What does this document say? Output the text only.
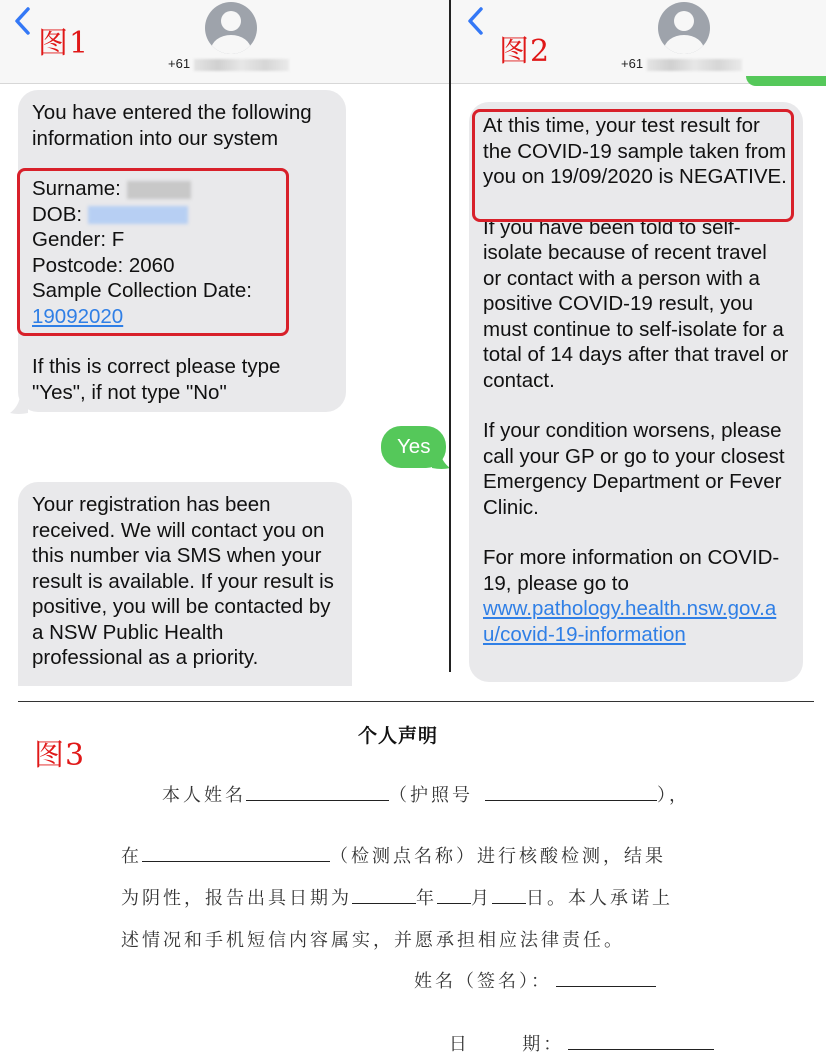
+61
图1

You have entered the following information into our system

Surname:

DOB:

Gender: F

Postcode: 2060

Sample Collection Date:

19092020

If this is correct please type "Yes", if not type "No"

Yes

Your registration has been received. We will contact you on this number via SMS when your result is available. If your result is positive, you will be contacted by a NSW Public Health professional as a priority.

+61
图2

At this time, your test result for the COVID-19 sample taken from you on 19/09/2020 is NEGATIVE.

If you have been told to self-isolate because of recent travel or contact with a person with a positive COVID-19 result, you must continue to self-isolate for a total of 14 days after that travel or contact.

If your condition worsens, please call your GP or go to your closest Emergency Department or Fever Clinic.

For more information on COVID-19, please go to

www.pathology.health.nsw.gov.au/covid-19-information

图3
个人声明
本人姓名	（护照号	），
在	（检测点名称）进行核酸检测，结果
为阴性，报告出具日期为	年 月 日。本人承诺上
述情况和手机短信内容属实，并愿承担相应法律责任。
姓名（签名）：

日      期：
